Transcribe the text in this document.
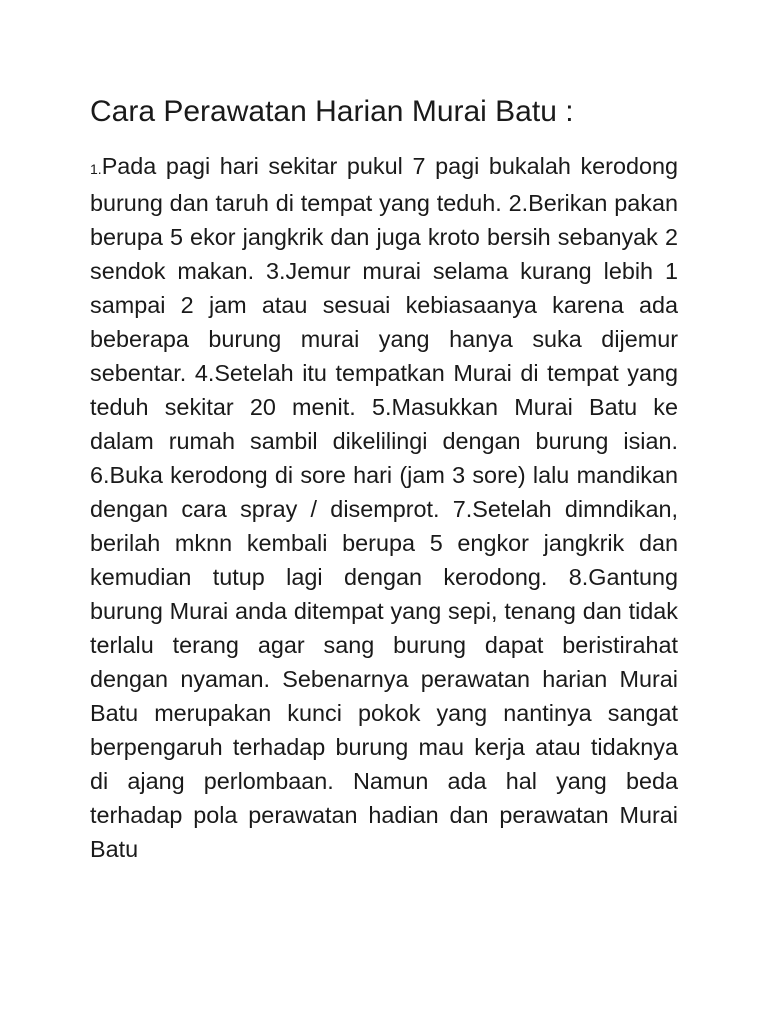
Cara Perawatan Harian Murai Batu :

1.Pada pagi hari sekitar pukul 7 pagi bukalah kerodong burung dan taruh di tempat yang teduh. 2.Berikan pakan berupa 5 ekor jangkrik dan juga kroto bersih sebanyak 2 sendok makan. 3.Jemur murai selama kurang lebih 1 sampai 2 jam atau sesuai kebiasaanya karena ada beberapa burung murai yang hanya suka dijemur sebentar. 4.Setelah itu tempatkan Murai di tempat yang teduh sekitar 20 menit. 5.Masukkan Murai Batu ke dalam rumah sambil dikelilingi dengan burung isian. 6.Buka kerodong di sore hari (jam 3 sore) lalu mandikan dengan cara spray / disemprot. 7.Setelah dimndikan, berilah mknn kembali berupa 5 engkor jangkrik dan kemudian tutup lagi dengan kerodong. 8.Gantung burung Murai anda ditempat yang sepi, tenang dan tidak terlalu terang agar sang burung dapat beristirahat dengan nyaman. Sebenarnya perawatan harian Murai Batu merupakan kunci pokok yang nantinya sangat berpengaruh terhadap burung mau kerja atau tidaknya di ajang perlombaan. Namun ada hal yang beda terhadap pola perawatan hadian dan perawatan Murai Batu
